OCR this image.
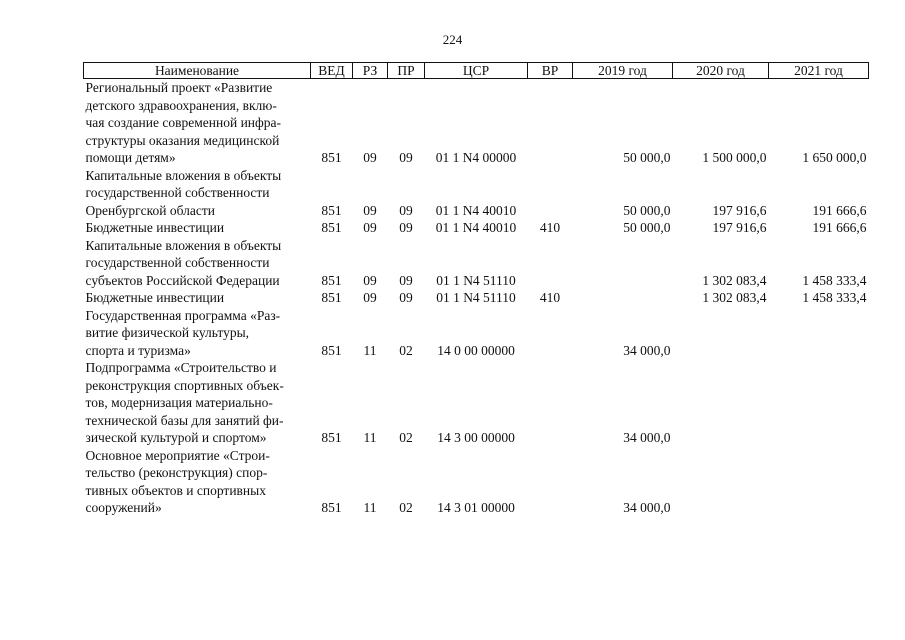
224
Наименование	ВЕД	РЗ	ПР	ЦСР	ВР	2019 год	2020 год	2021 год

Региональный проект «Развитие
детского здравоохранения, вклю-
чая создание современной инфра-
структуры оказания медицинской
помощи детям»	851	09	09	01 1 N4 00000		50 000,0	1 500 000,0	1 650 000,0

Капитальные вложения в объекты
государственной собственности
Оренбургской области	851	09	09	01 1 N4 40010		50 000,0	197 916,6	191 666,6

Бюджетные инвестиции	851	09	09	01 1 N4 40010	410	50 000,0	197 916,6	191 666,6

Капитальные вложения в объекты
государственной собственности
субъектов Российской Федерации	851	09	09	01 1 N4 51110			1 302 083,4	1 458 333,4

Бюджетные инвестиции	851	09	09	01 1 N4 51110	410		1 302 083,4	1 458 333,4

Государственная программа «Раз-
витие физической культуры,
спорта и туризма»	851	11	02	14 0 00 00000		34 000,0		

Подпрограмма «Строительство и
реконструкция спортивных объек-
тов, модернизация материально-
технической базы для занятий фи-
зической культурой и спортом»	851	11	02	14 3 00 00000		34 000,0		

Основное мероприятие «Строи-
тельство (реконструкция) спор-
тивных объектов и спортивных
сооружений»	851	11	02	14 3 01 00000		34 000,0		
